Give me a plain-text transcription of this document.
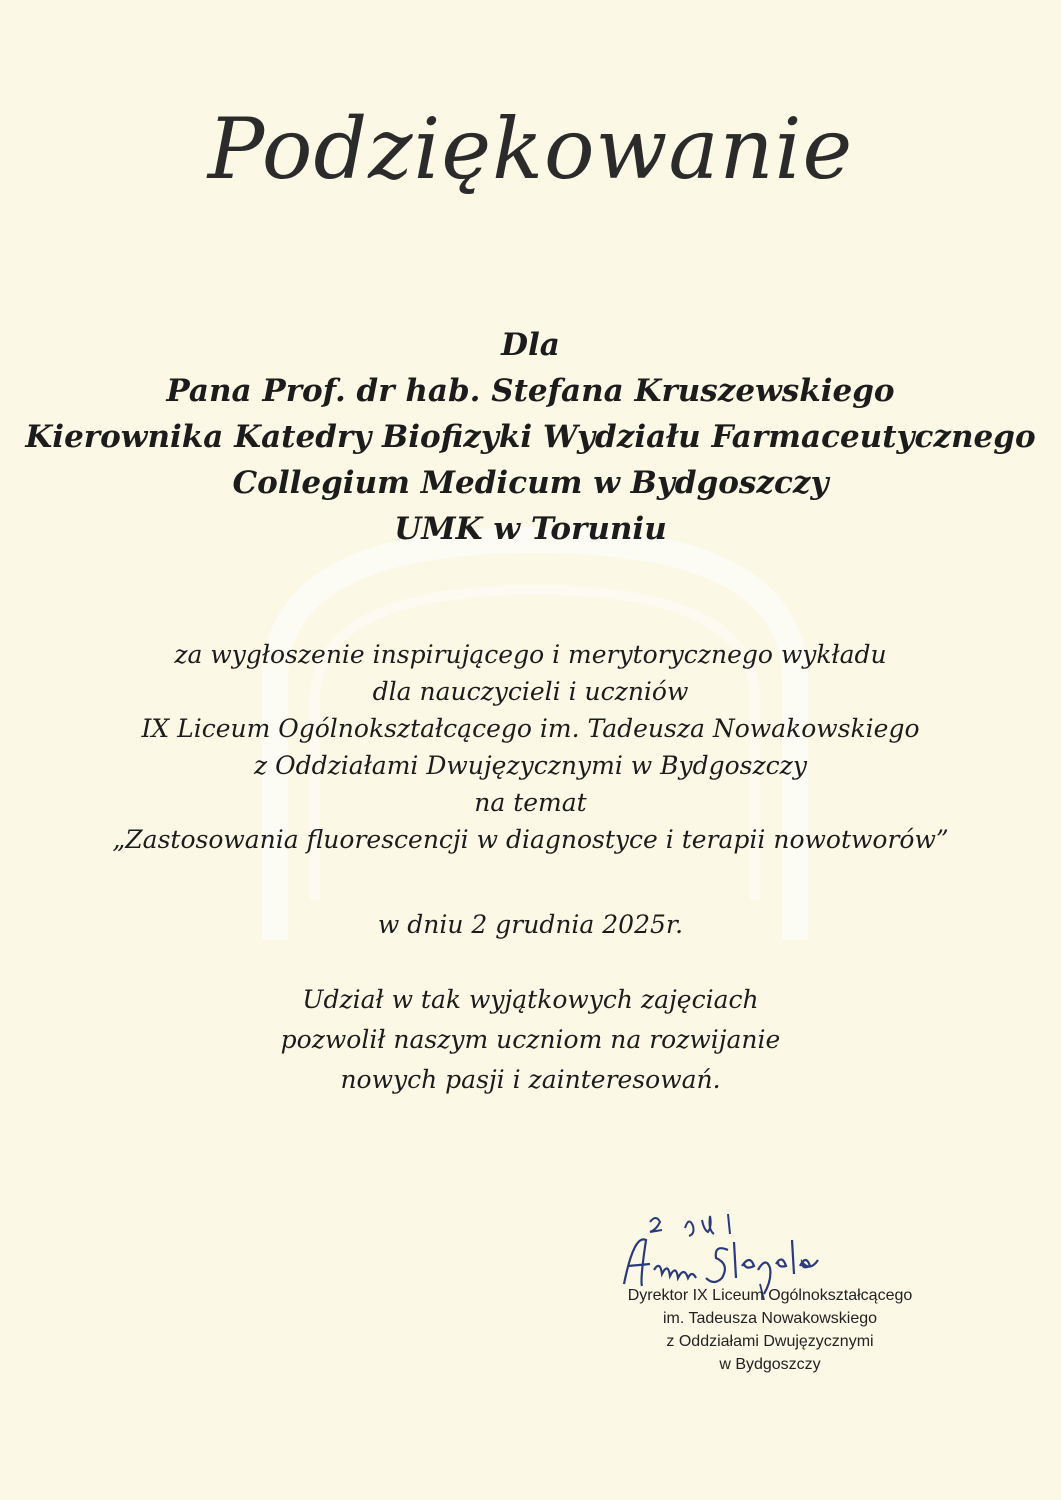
Podziękowanie
Dla
Pana Prof. dr hab. Stefana Kruszewskiego
Kierownika Katedry Biofizyki Wydziału Farmaceutycznego
Collegium Medicum w Bydgoszczy
UMK w Toruniu
za wygłoszenie inspirującego i merytorycznego wykładu
dla nauczycieli i uczniów
IX Liceum Ogólnokształcącego im. Tadeusza Nowakowskiego
z Oddziałami Dwujęzycznymi w Bydgoszczy
na temat
„Zastosowania fluorescencji w diagnostyce i terapii nowotworów”
w dniu 2 grudnia 2025r.
Udział w tak wyjątkowych zajęciach
pozwolił naszym uczniom na rozwijanie
nowych pasji i zainteresowań.
Dyrektor IX Liceum Ogólnokształcącego
im. Tadeusza Nowakowskiego
z Oddziałami Dwujęzycznymi
w Bydgoszczy
